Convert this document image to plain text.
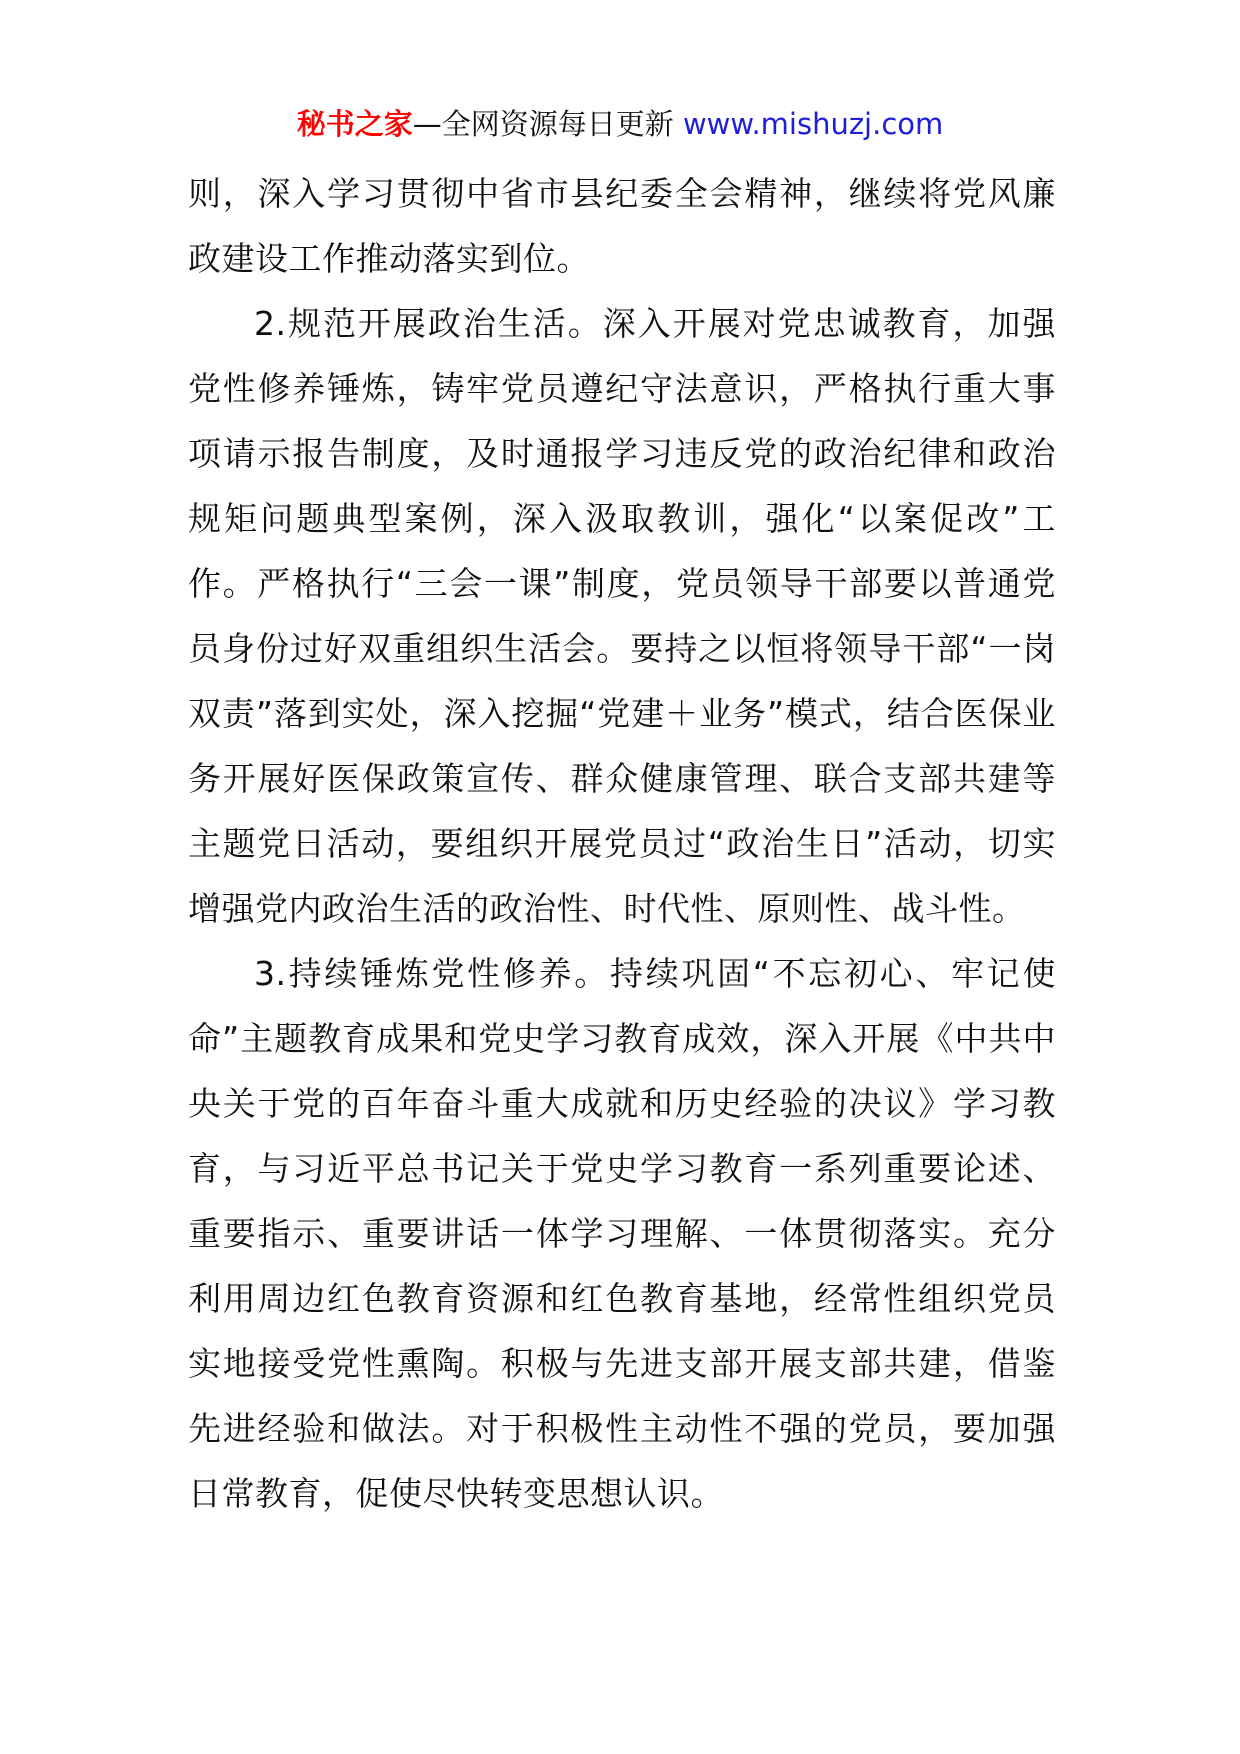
秘书之家—全网资源每日更新 www.mishuzj.com

则，深入学习贯彻中省市县纪委全会精神，继续将党风廉政建设工作推动落实到位。

2.规范开展政治生活。深入开展对党忠诚教育，加强党性修养锤炼，铸牢党员遵纪守法意识，严格执行重大事项请示报告制度，及时通报学习违反党的政治纪律和政治规矩问题典型案例，深入汲取教训，强化“以案促改”工作。严格执行“三会一课”制度，党员领导干部要以普通党员身份过好双重组织生活会。要持之以恒将领导干部“一岗双责”落到实处，深入挖掘“党建＋业务”模式，结合医保业务开展好医保政策宣传、群众健康管理、联合支部共建等主题党日活动，要组织开展党员过“政治生日”活动，切实增强党内政治生活的政治性、时代性、原则性、战斗性。

3.持续锤炼党性修养。持续巩固“不忘初心、牢记使命”主题教育成果和党史学习教育成效，深入开展《中共中央关于党的百年奋斗重大成就和历史经验的决议》学习教育，与习近平总书记关于党史学习教育一系列重要论述、重要指示、重要讲话一体学习理解、一体贯彻落实。充分利用周边红色教育资源和红色教育基地，经常性组织党员实地接受党性熏陶。积极与先进支部开展支部共建，借鉴先进经验和做法。对于积极性主动性不强的党员，要加强日常教育，促使尽快转变思想认识。
